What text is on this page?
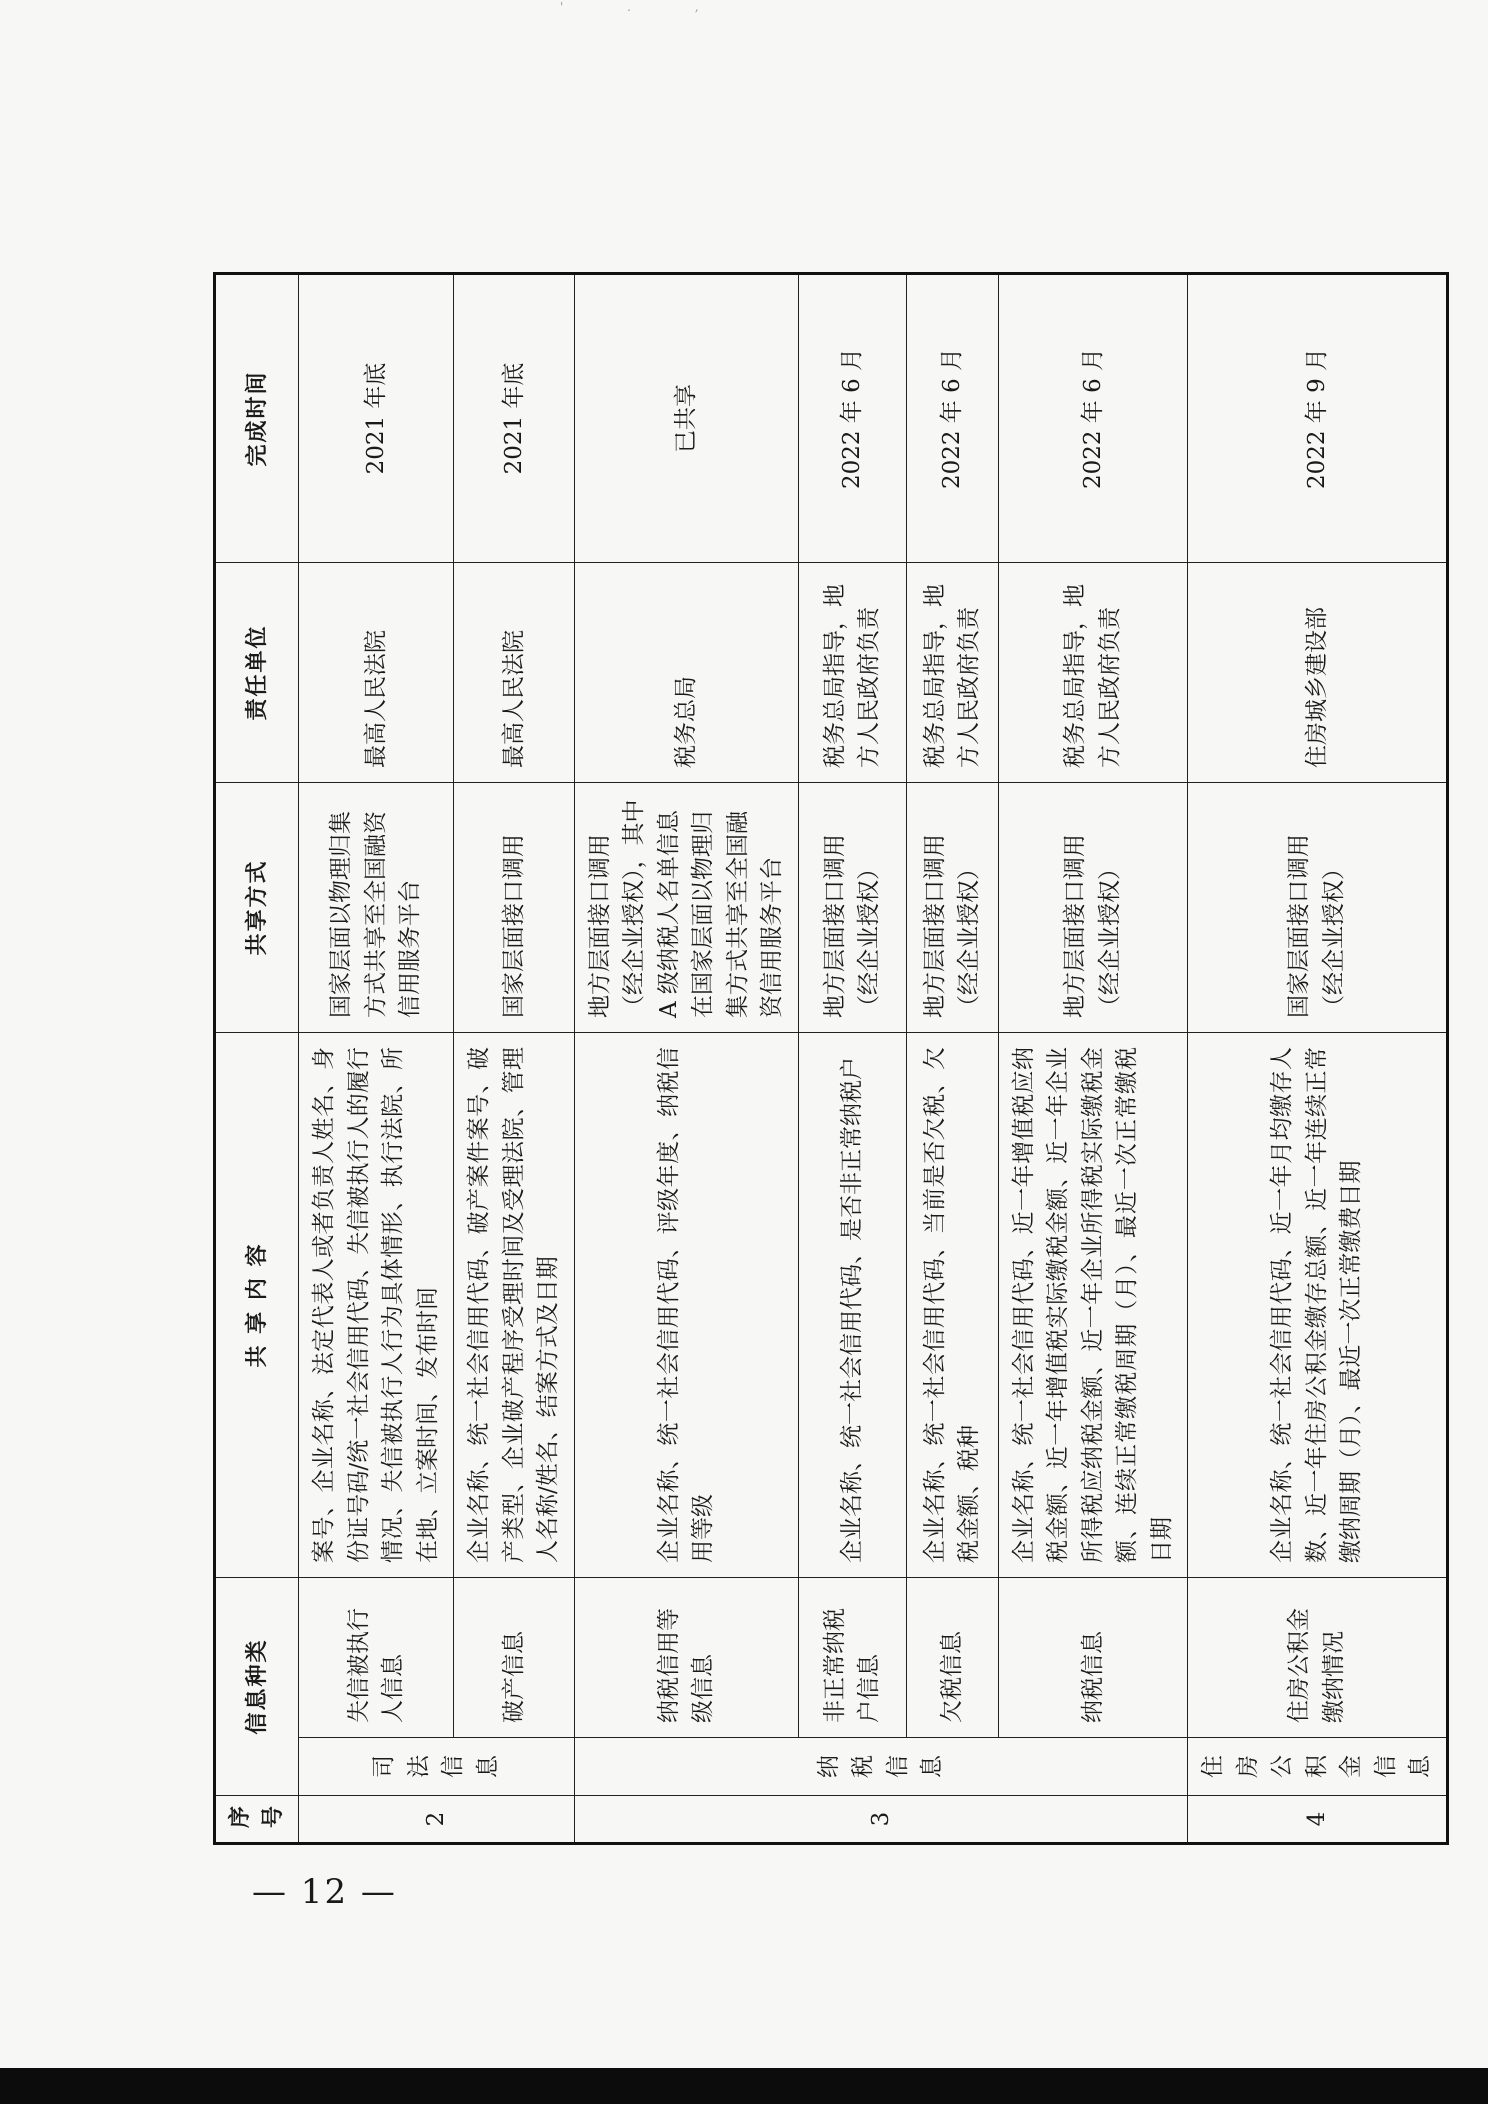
' . ,
序号	信息种类		共 享 内 容	共享方式	责任单位	完成时间
2	司法信息	失信被执行人信息	案号、企业名称、法定代表人或者负责人姓名、身份证号码/统一社会信用代码、失信被执行人的履行情况、失信被执行人行为具体情形、执行法院、所在地、立案时间、发布时间	国家层面以物理归集方式共享至全国融资信用服务平台	最高人民法院	2021 年底
		破产信息	企业名称、统一社会信用代码、破产案件案号、破产类型、企业破产程序受理时间及受理法院、管理人名称/姓名、结案方式及日期	国家层面接口调用	最高人民法院	2021 年底
3	纳税信息	纳税信用等级信息	企业名称、统一社会信用代码、评级年度、纳税信用等级	地方层面接口调用（经企业授权），其中 A 级纳税人名单信息在国家层面以物理归集方式共享至全国融资信用服务平台	税务总局	已共享
		非正常纳税户信息	企业名称、统一社会信用代码、是否非正常纳税户	地方层面接口调用（经企业授权）	税务总局指导，地方人民政府负责	2022 年 6 月
		欠税信息	企业名称、统一社会信用代码、当前是否欠税、欠税金额、税种	地方层面接口调用（经企业授权）	税务总局指导，地方人民政府负责	2022 年 6 月
		纳税信息	企业名称、统一社会信用代码、近一年增值税应纳税金额、近一年增值税实际缴税金额、近一年企业所得税应纳税金额、近一年企业所得税实际缴税金额、连续正常缴税周期（月）、最近一次正常缴税日期	地方层面接口调用（经企业授权）	税务总局指导，地方人民政府负责	2022 年 6 月
4	住房公积金信息	住房公积金缴纳情况	企业名称、统一社会信用代码、近一年月均缴存人数、近一年住房公积金缴存总额、近一年连续正常缴纳周期（月）、最近一次正常缴费日期	国家层面接口调用（经企业授权）	住房城乡建设部	2022 年 9 月
— 12 —
